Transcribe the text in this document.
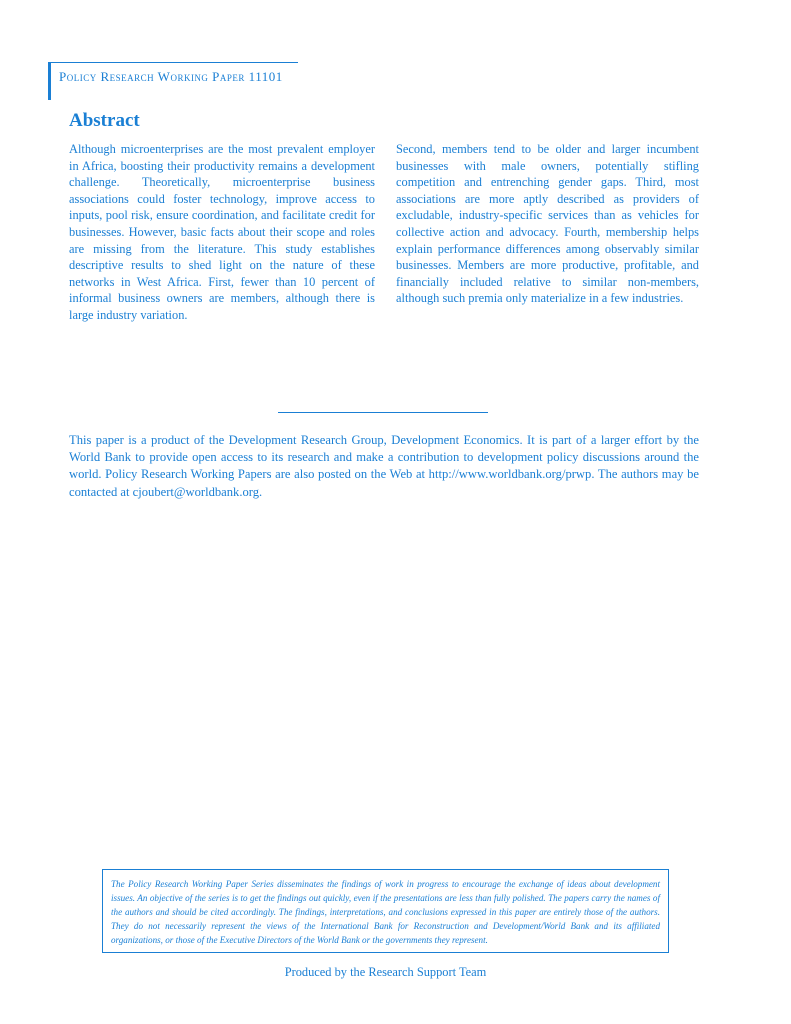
Policy Research Working Paper 11101
Abstract

Although microenterprises are the most prevalent employer in Africa, boosting their productivity remains a development challenge. Theoretically, microenterprise business associations could foster technology, improve access to inputs, pool risk, ensure coordination, and facilitate credit for businesses. However, basic facts about their scope and roles are missing from the literature. This study establishes descriptive results to shed light on the nature of these networks in West Africa. First, fewer than 10 percent of informal business owners are members, although there is large industry variation.

Second, members tend to be older and larger incumbent businesses with male owners, potentially stifling competition and entrenching gender gaps. Third, most associations are more aptly described as providers of excludable, industry-specific services than as vehicles for collective action and advocacy. Fourth, membership helps explain performance differences among observably similar businesses. Members are more productive, profitable, and financially included relative to similar non-members, although such premia only materialize in a few industries.

This paper is a product of the Development Research Group, Development Economics. It is part of a larger effort by the World Bank to provide open access to its research and make a contribution to development policy discussions around the world. Policy Research Working Papers are also posted on the Web at http://www.worldbank.org/prwp. The authors may be contacted at cjoubert@worldbank.org.

The Policy Research Working Paper Series disseminates the findings of work in progress to encourage the exchange of ideas about development issues. An objective of the series is to get the findings out quickly, even if the presentations are less than fully polished. The papers carry the names of the authors and should be cited accordingly. The findings, interpretations, and conclusions expressed in this paper are entirely those of the authors. They do not necessarily represent the views of the International Bank for Reconstruction and Development/World Bank and its affiliated organizations, or those of the Executive Directors of the World Bank or the governments they represent.

Produced by the Research Support Team
